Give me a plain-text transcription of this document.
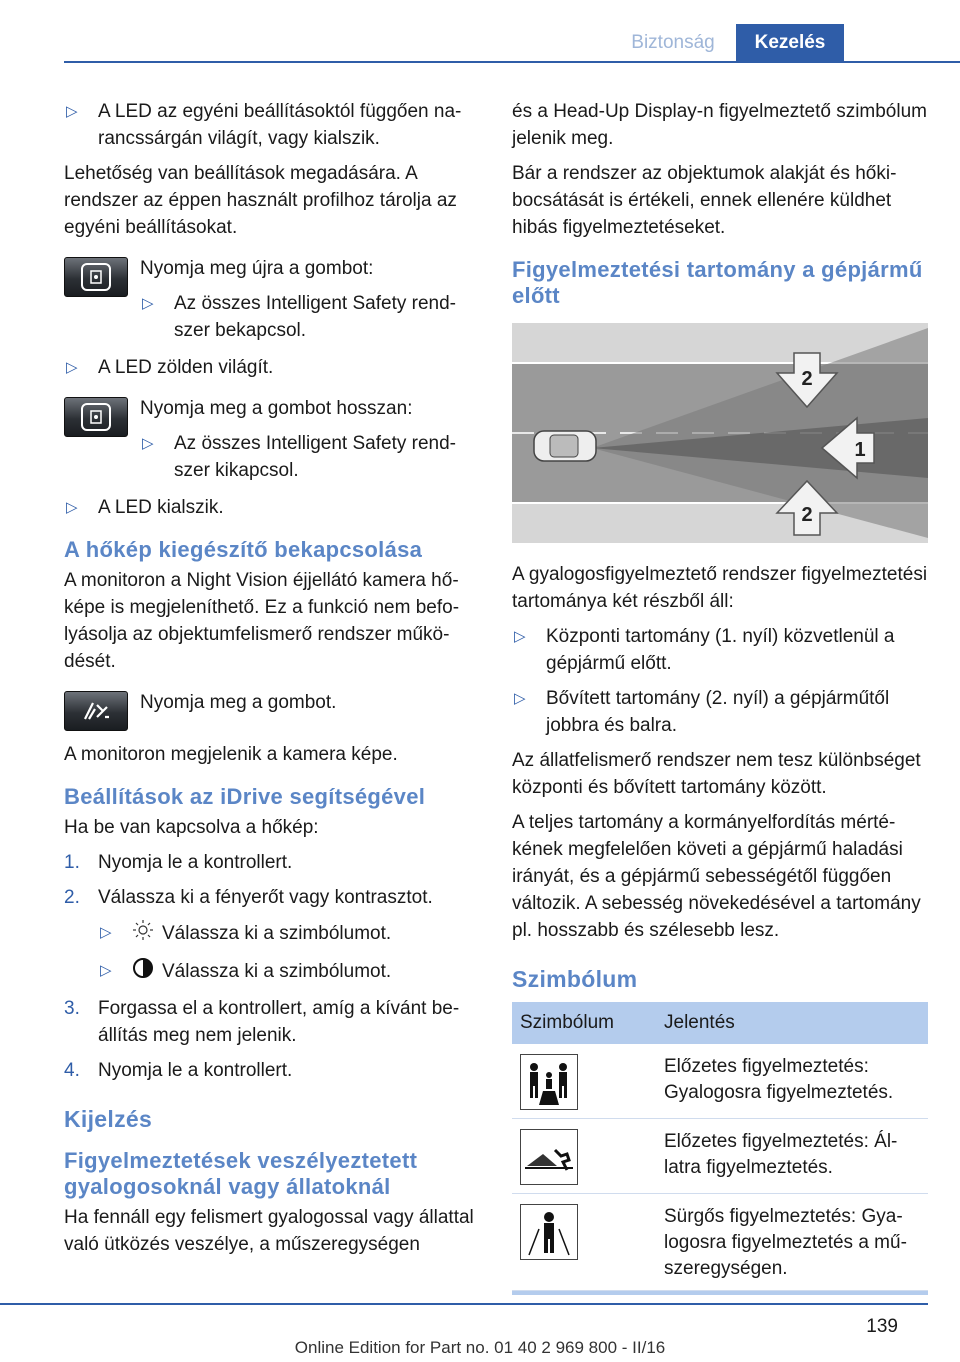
Biztonság	Kezelés
▷ A LED az egyéni beállításoktól függően narancssárgán világít, vagy kialszik.

Lehetőség van beállítások megadására. A rendszer az éppen használt profilhoz tárolja az egyéni beállításokat.

Nyomja meg újra a gombot:

▷ Az összes Intelligent Safety rendszer bekapcsol.
▷ A LED zölden világít.

Nyomja meg a gombot hosszan:

▷ Az összes Intelligent Safety rendszer kikapcsol.
▷ A LED kialszik.
A hőkép kiegészítő bekapcsolása

A monitoron a Night Vision éjjellátó kamera hőképe is megjeleníthető. Ez a funkció nem befolyásolja az objektumfelismerő rendszer működését.

Nyomja meg a gombot.

A monitoron megjelenik a kamera képe.

Beállítások az iDrive segítségével

Ha be van kapcsolva a hőkép:

1. Nyomja le a kontrollert.
2. Válassza ki a fényerőt vagy kontrasztot.
▷	Válassza ki a szimbólumot.
▷	Válassza ki a szimbólumot.
3. Forgassa el a kontrollert, amíg a kívánt beállítás meg nem jelenik.
4. Nyomja le a kontrollert.
Kijelzés
Figyelmeztetések veszélyeztetett gyalogosoknál vagy állatoknál

Ha fennáll egy felismert gyalogossal vagy állattal való ütközés veszélye, a műszeregységen

és a Head-Up Display-n figyelmeztető szimbólum jelenik meg.

Bár a rendszer az objektumok alakját és hőkibocsátását is értékeli, ennek ellenére küldhet hibás figyelmeztetéseket.

Figyelmeztetési tartomány a gépjármű előtt
2
1
2

A gyalogosfigyelmeztető rendszer figyelmeztetési tartománya két részből áll:

▷ Központi tartomány (1. nyíl) közvetlenül a gépjármű előtt.
▷ Bővített tartomány (2. nyíl) a gépjárműtől jobbra és balra.

Az állatfelismerő rendszer nem tesz különbséget központi és bővített tartomány között.

A teljes tartomány a kormányelfordítás mértékének megfelelően követi a gépjármű haladási irányát, és a gépjármű sebességétől függően változik. A sebesség növekedésével a tartomány pl. hosszabb és szélesebb lesz.

Szimbólum
Szimbólum	Jelentés

	Előzetes figyelmeztetés: Gyalogosra figyelmeztetés.

	Előzetes figyelmeztetés: Állatra figyelmeztetés.

	Sürgős figyelmeztetés: Gyalogosra figyelmeztetés a műszeregységen.
139
Online Edition for Part no. 01 40 2 969 800 - II/16
